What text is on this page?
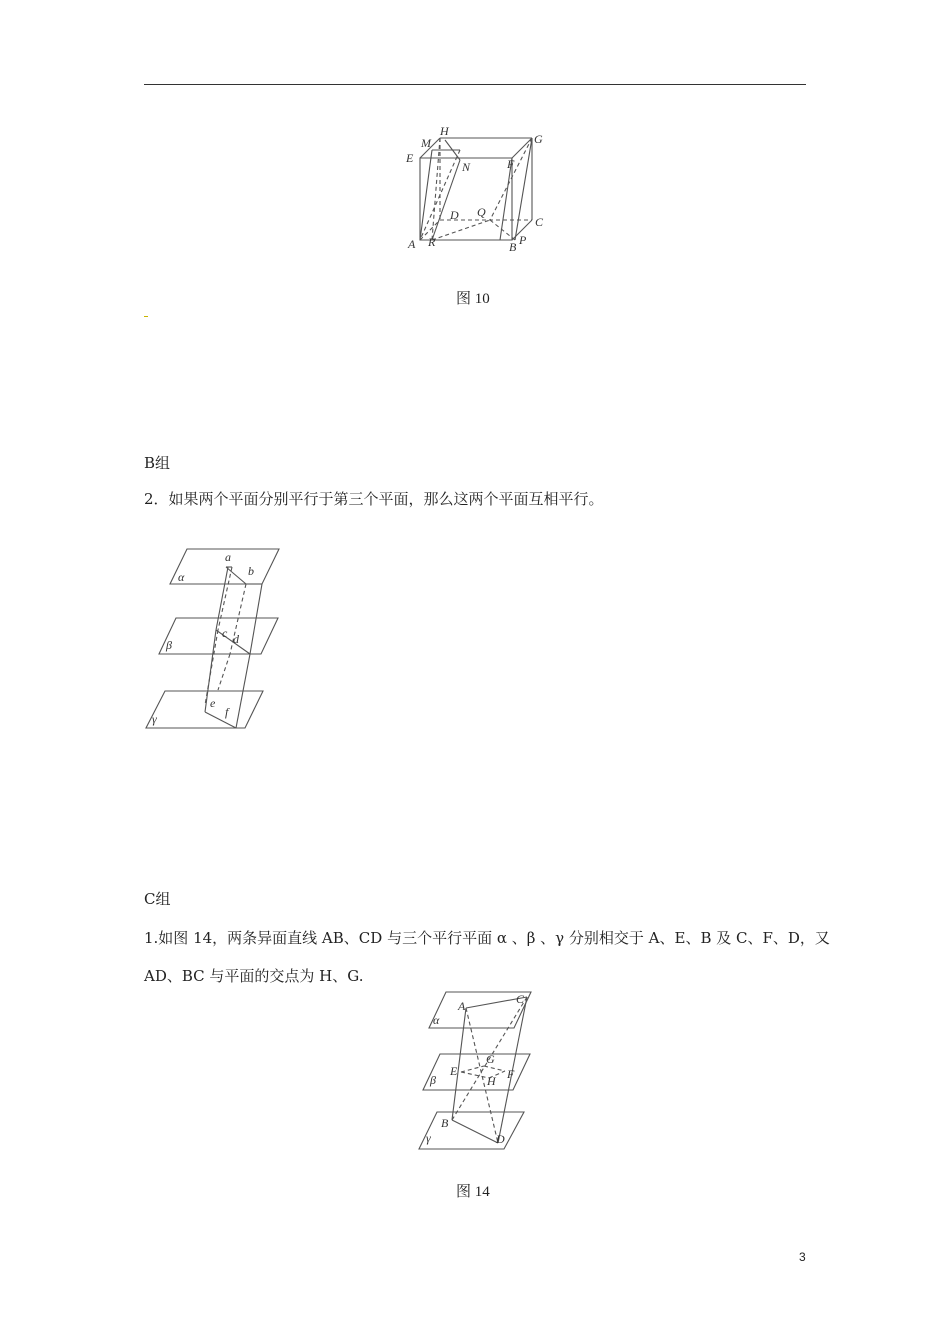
M
H
G
E
N	F
D Q
C
A R	B P
图 10
B组
2．如果两个平面分别平行于第三个平面，那么这两个平面互相平行。
a
b
α
β
c d
γ
e
f
C组
1.如图 14，两条异面直线 AB、CD 与三个平行平面 α 、β 、γ 分别相交于 A、E、B 及 C、F、D，又
AD、BC 与平面的交点为 H、G.
A	C
α
G
E
H F
β
B
D
γ
图 14
3
